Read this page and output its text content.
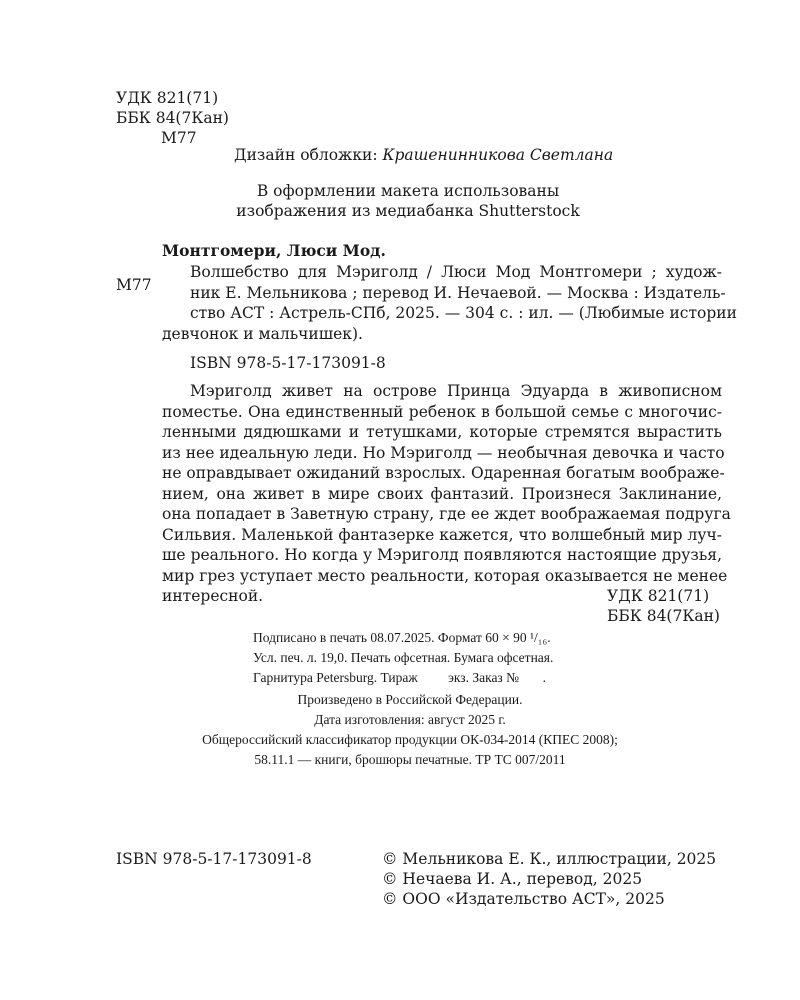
УДК 821(71)
ББК 84(7Кан)
М77
Дизайн обложки: Крашенинникова Светлана
В оформлении макета использованы
изображения из медиабанка Shutterstock
М77
Монтгомери, Люси Мод.
Волшебство для Мэриголд / Люси Мод Монтгомери ; худож-
ник Е. Мельникова ; перевод И. Нечаевой. — Москва : Издатель-
ство АСТ : Астрель-СПб, 2025. — 304 с. : ил. — (Любимые истории
девчонок и мальчишек).
ISBN 978-5-17-173091-8
Мэриголд живет на острове Принца Эдуарда в живописном
поместье. Она единственный ребенок в большой семье с многочис-
ленными дядюшками и тетушками, которые стремятся вырастить
из нее идеальную леди. Но Мэриголд — необычная девочка и часто
не оправдывает ожиданий взрослых. Одаренная богатым воображе-
нием, она живет в мире своих фантазий. Произнеся Заклинание,
она попадает в Заветную страну, где ее ждет воображаемая подруга
Сильвия. Маленькой фантазерке кажется, что волшебный мир луч-
ше реального. Но когда у Мэриголд появляются настоящие друзья,
мир грез уступает место реальности, которая оказывается не менее
интересной.	УДК 821(71)
ББК 84(7Кан)
Подписано в печать 08.07.2025. Формат 60 × 90 ¹/₁₆.
Усл. печ. л. 19,0. Печать офсетная. Бумага офсетная.
Гарнитура Petersburg. Тираж         экз. Заказ №       .
Произведено в Российской Федерации.
Дата изготовления: август 2025 г.
Общероссийский классификатор продукции ОК-034-2014 (КПЕС 2008);
58.11.1 — книги, брошюры печатные. ТР ТС 007/2011
ISBN 978-5-17-173091-8	© Мельникова Е. К., иллюстрации, 2025
© Нечаева И. А., перевод, 2025
© ООО «Издательство АСТ», 2025
